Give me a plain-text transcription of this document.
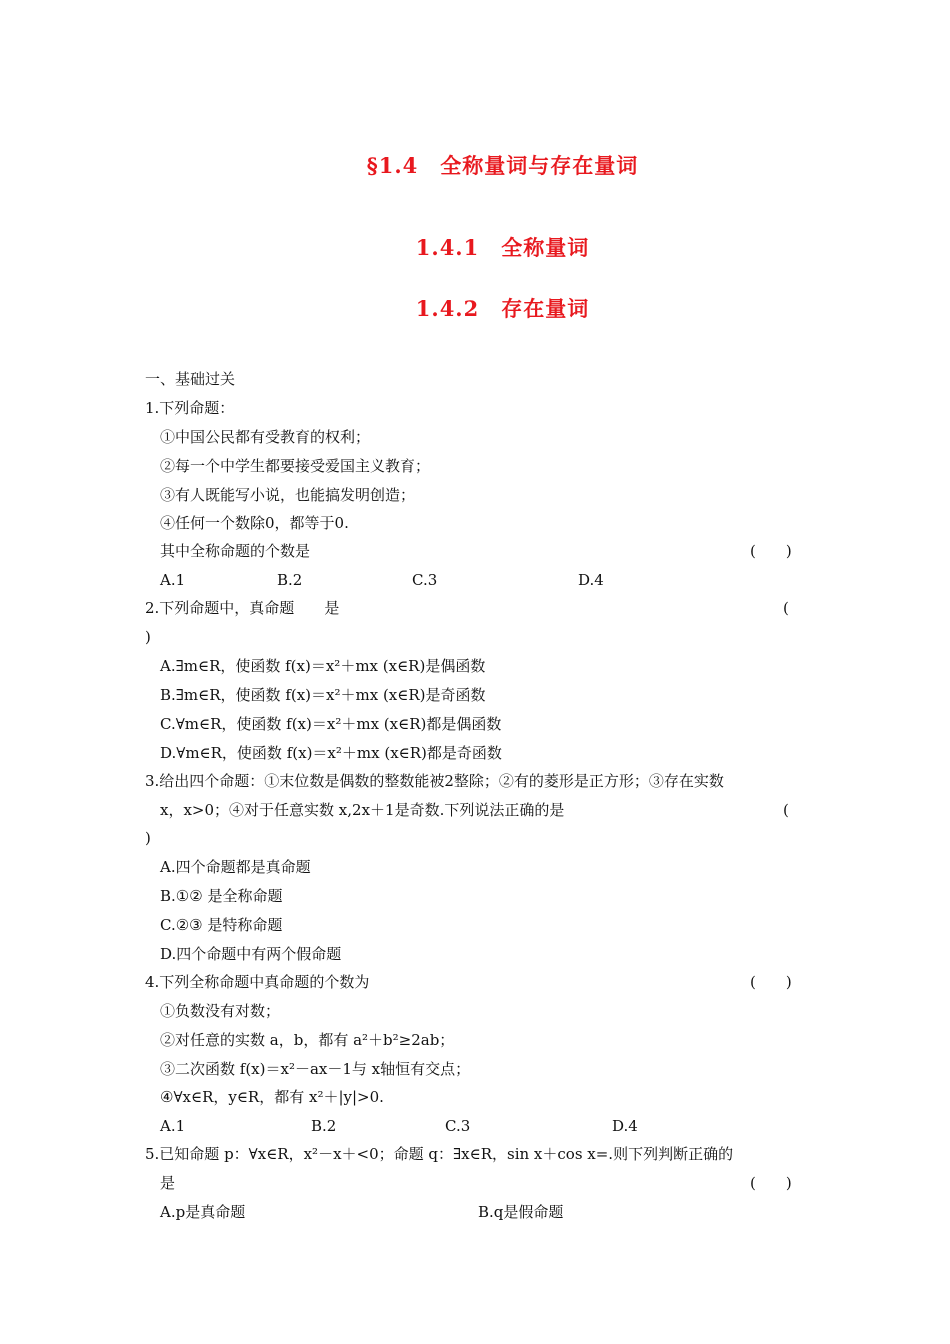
§1.4　全称量词与存在量词
1.4.1　全称量词
1.4.2　存在量词
一、基础过关
1.下列命题：
①中国公民都有受教育的权利；
②每一个中学生都要接受爱国主义教育；
③有人既能写小说，也能搞发明创造；
④任何一个数除0，都等于0.
其中全称命题的个数是	(　　)
A.1	B.2	C.3	D.4
2.下列命题中，真命题　　是	(
)
A.∃m∈R，使函数 f(x)＝x²＋mx (x∈R)是偶函数
B.∃m∈R，使函数 f(x)＝x²＋mx (x∈R)是奇函数
C.∀m∈R，使函数 f(x)＝x²＋mx (x∈R)都是偶函数
D.∀m∈R，使函数 f(x)＝x²＋mx (x∈R)都是奇函数
3.给出四个命题：①末位数是偶数的整数能被2整除；②有的菱形是正方形；③存在实数
x，x>0；④对于任意实数 x,2x＋1是奇数.下列说法正确的是	(
)
A.四个命题都是真命题
B.①② 是全称命题
C.②③ 是特称命题
D.四个命题中有两个假命题
4.下列全称命题中真命题的个数为	(　　)
①负数没有对数；
②对任意的实数 a，b，都有 a²＋b²≥2ab；
③二次函数 f(x)＝x²－ax－1与 x轴恒有交点；
④∀x∈R，y∈R，都有 x²＋|y|>0.
A.1	B.2	C.3	D.4
5.已知命题 p：∀x∈R，x²－x＋<0；命题 q：∃x∈R，sin x＋cos x=.则下列判断正确的
是	(　　)
A.p是真命题	B.q是假命题
